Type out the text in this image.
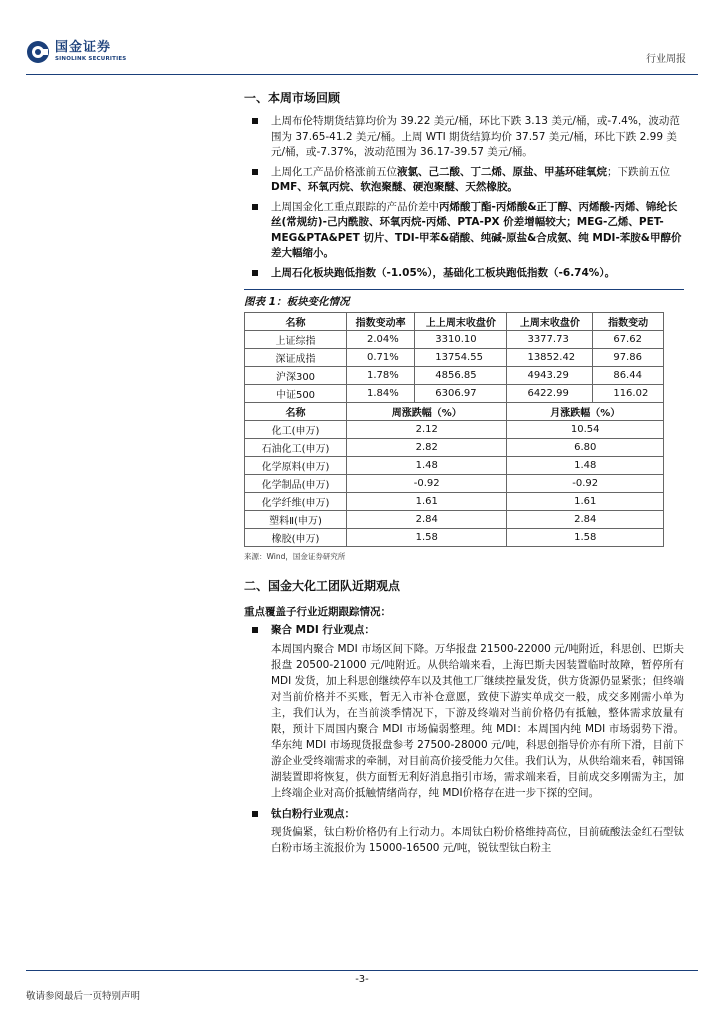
国金证券
SINOLINK SECURITIES	行业周报
一、本周市场回顾
上周布伦特期货结算均价为 39.22 美元/桶，环比下跌 3.13 美元/桶，或-7.4%，波动范围为 37.65-41.2 美元/桶。上周 WTI 期货结算均价 37.57 美元/桶，环比下跌 2.99 美元/桶，或-7.37%，波动范围为 36.17-39.57 美元/桶。
上周化工产品价格涨前五位液氯、己二酸、丁二烯、原盐、甲基环硅氧烷；下跌前五位 DMF、环氧丙烷、软泡聚醚、硬泡聚醚、天然橡胶。
上周国金化工重点跟踪的产品价差中丙烯酸丁酯-丙烯酸&正丁醇、丙烯酸-丙烯、锦纶长丝(常规纺)-己内酰胺、环氧丙烷-丙烯、PTA-PX 价差增幅较大；MEG-乙烯、PET-MEG&PTA&PET 切片、TDI-甲苯&硝酸、纯碱-原盐&合成氨、纯 MDI-苯胺&甲醇价差大幅缩小。
上周石化板块跑低指数（-1.05%），基础化工板块跑低指数（-6.74%）。
图表 1：板块变化情况
名称	指数变动率	上上周末收盘价	上周末收盘价	指数变动
上证综指	2.04%	3310.10	3377.73	67.62
深证成指	0.71%	13754.55	13852.42	97.86
沪深300	1.78%	4856.85	4943.29	86.44
中证500	1.84%	6306.97	6422.99	116.02
名称	周涨跌幅（%）		月涨跌幅（%）	
化工(申万)	2.12		10.54	
石油化工(申万)	2.82		6.80	
化学原料(申万)	1.48		1.48	
化学制品(申万)	-0.92		-0.92	
化学纤维(申万)	1.61		1.61	
塑料Ⅱ(申万)	2.84		2.84	
橡胶(申万)	1.58		1.58	
来源：Wind，国金证券研究所
二、国金大化工团队近期观点
重点覆盖子行业近期跟踪情况：
聚合 MDI 行业观点：

本周国内聚合 MDI 市场区间下降。万华报盘 21500-22000 元/吨附近，科思创、巴斯夫报盘 20500-21000 元/吨附近。从供给端来看，上海巴斯夫因装置临时故障，暂停所有 MDI 发货，加上科思创继续停车以及其他工厂继续控量发货，供方货源仍显紧张；但终端对当前价格并不买账，暂无入市补仓意愿，致使下游实单成交一般，成交多刚需小单为主，我们认为，在当前淡季情况下，下游及终端对当前价格仍有抵触，整体需求放量有限，预计下周国内聚合 MDI 市场偏弱整理。纯 MDI：本周国内纯 MDI 市场弱势下滑。华东纯 MDI 市场现货报盘参考 27500-28000 元/吨，科思创指导价亦有所下滑，目前下游企业受终端需求的牵制，对目前高价接受能力欠佳。我们认为，从供给端来看，韩国锦湖装置即将恢复，供方面暂无利好消息指引市场，需求端来看，目前成交多刚需为主，加上终端企业对高价抵触情绪尚存，纯 MDI价格存在进一步下探的空间。

钛白粉行业观点：

现货偏紧，钛白粉价格仍有上行动力。本周钛白粉价格维持高位，目前硫酸法金红石型钛白粉市场主流报价为 15000-16500 元/吨，锐钛型钛白粉主

-3-
敬请参阅最后一页特别声明
